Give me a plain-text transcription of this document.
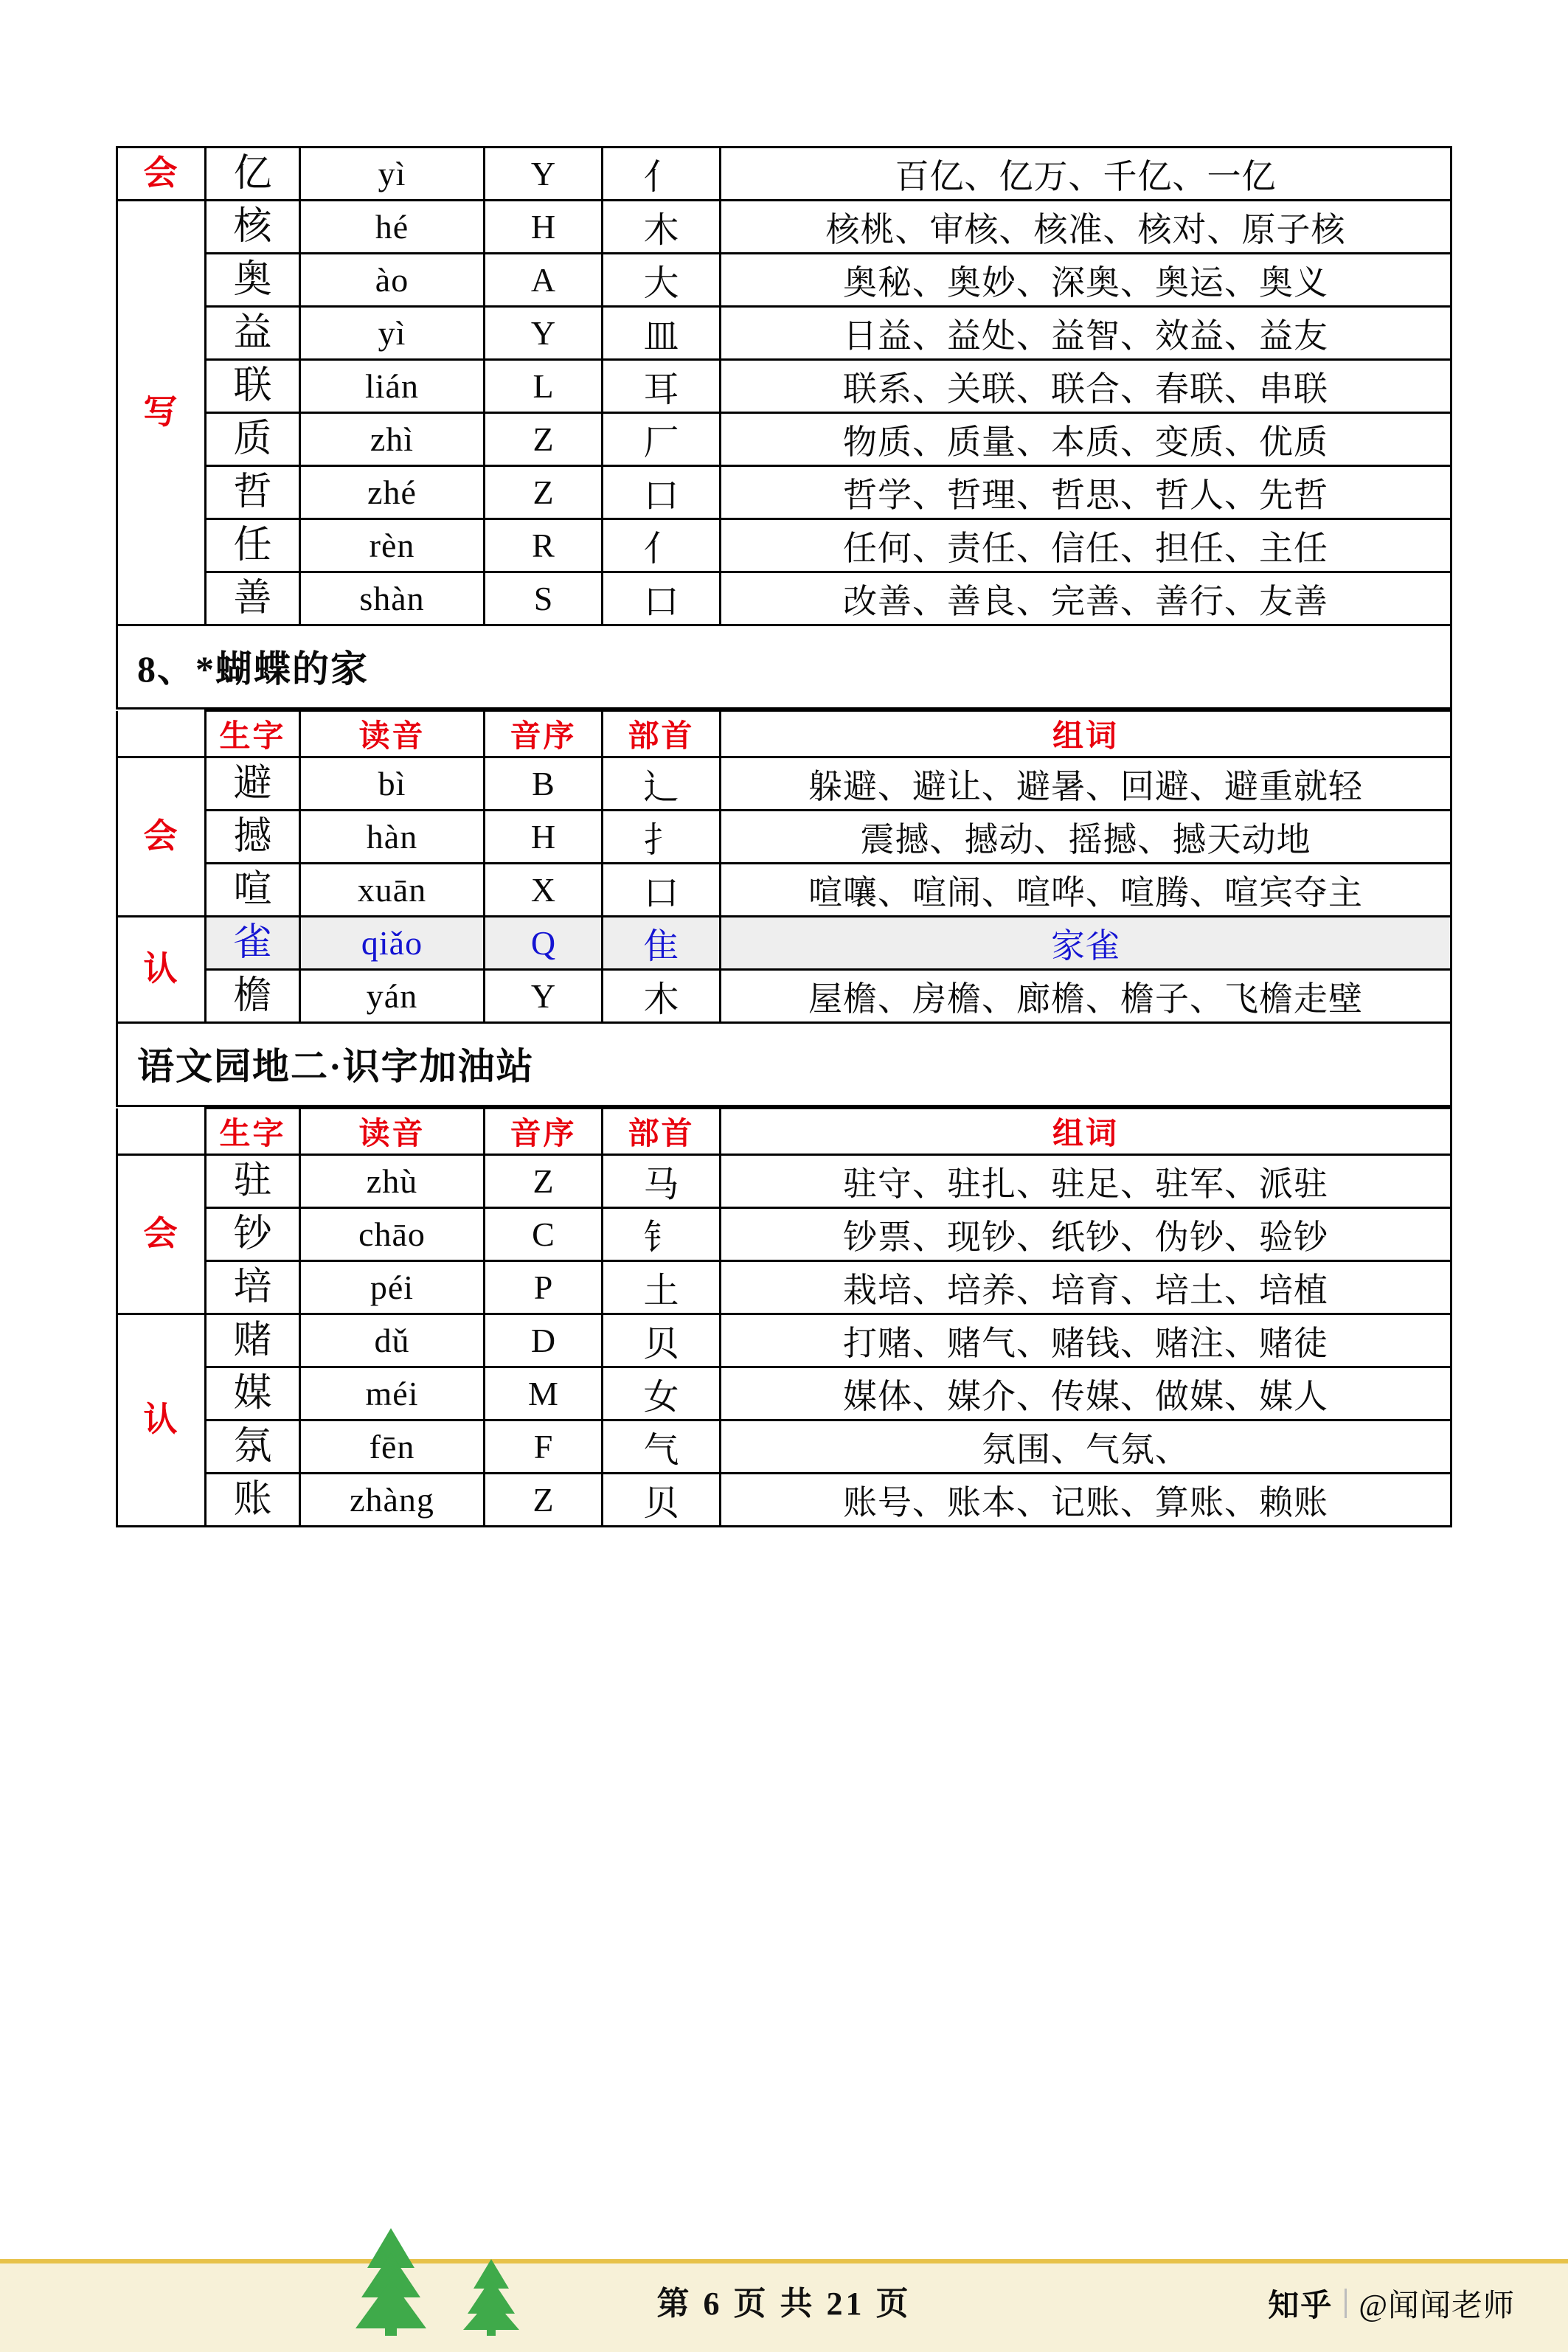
会	亿	yì	Y	亻	百亿、亿万、千亿、一亿
写	核	hé	H	木	核桃、审核、核准、核对、原子核
	奥	ào	A	大	奥秘、奥妙、深奥、奥运、奥义
	益	yì	Y	皿	日益、益处、益智、效益、益友
	联	lián	L	耳	联系、关联、联合、春联、串联
	质	zhì	Z	厂	物质、质量、本质、变质、优质
	哲	zhé	Z	口	哲学、哲理、哲思、哲人、先哲
	任	rèn	R	亻	任何、责任、信任、担任、主任
	善	shàn	S	口	改善、善良、完善、善行、友善
8、*蝴蝶的家
	生字	读音	音序	部首	组词
会	避	bì	B	辶	躲避、避让、避暑、回避、避重就轻
	撼	hàn	H	扌	震撼、撼动、摇撼、撼天动地
	喧	xuān	X	口	喧嚷、喧闹、喧哗、喧腾、喧宾夺主
认	雀	qiǎo	Q	隹	家雀
	檐	yán	Y	木	屋檐、房檐、廊檐、檐子、飞檐走壁
语文园地二·识字加油站
	生字	读音	音序	部首	组词
会	驻	zhù	Z	马	驻守、驻扎、驻足、驻军、派驻
	钞	chāo	C	钅	钞票、现钞、纸钞、伪钞、验钞
	培	péi	P	土	栽培、培养、培育、培土、培植
认	赌	dǔ	D	贝	打赌、赌气、赌钱、赌注、赌徒
	媒	méi	M	女	媒体、媒介、传媒、做媒、媒人
	氛	fēn	F	气	氛围、气氛、
	账	zhàng	Z	贝	账号、账本、记账、算账、赖账
第 6 页 共 21 页	知乎 @闻闻老师
